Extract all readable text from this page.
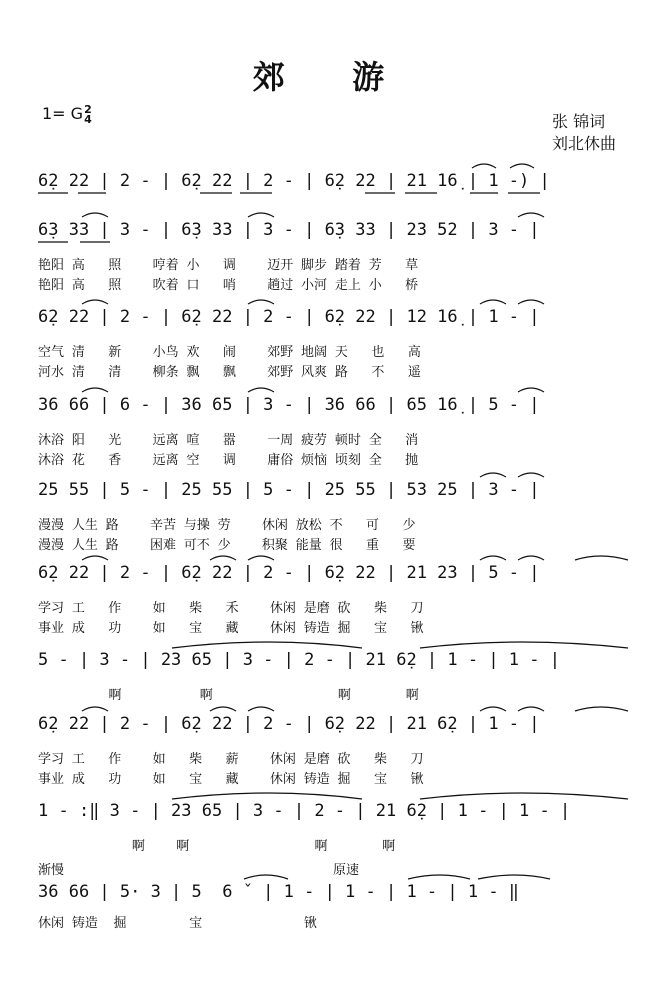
郊 游
1= G 2
4	张 锦词
刘北休曲
6̣2 22 | 2 - | 6̣2 22 | 2 - | 6̣2 22 | 21 16̣ | 1 -) |
6̣3 33 | 3 - | 6̣3 33 | 3 - | 6̣3 33 | 23 52 | 3 - |
艳阳 高   照    哼着 小   调    迈开 脚步 踏着 芳   草
艳阳 高   照    吹着 口   哨    趟过 小河 走上 小   桥
6̣2 22 | 2 - | 6̣2 22 | 2 - | 6̣2 22 | 12 16̣ | 1 - |
空气 清   新    小鸟 欢   闹    郊野 地阔 天   也   高
河水 清   清    柳条 飘   飘    郊野 风爽 路   不   遥
36 66 | 6 - | 36 65 | 3 - | 36 66 | 65 16̣ | 5 - |
沐浴 阳   光    远离 喧   嚣    一周 疲劳 顿时 全   消
沐浴 花   香    远离 空   调    庸俗 烦恼 顷刻 全   抛
25 55 | 5 - | 25 55 | 5 - | 25 55 | 53 25 | 3 - |
漫漫 人生 路    辛苦 与操 劳    休闲 放松 不   可   少
漫漫 人生 路    困难 可不 少    积聚 能量 很   重   要
6̣2 22 | 2 - | 6̣2 22 | 2 - | 6̣2 22 | 21 23 | 5 - |
学习 工   作    如   柴   禾    休闲 是磨 砍   柴   刀
事业 成   功    如   宝   藏    休闲 铸造 掘   宝   锹
5 - | 3 - | 23 65 | 3 - | 2 - | 21 6̣2 | 1 - | 1 - |
啊          啊                啊       啊
6̣2 22 | 2 - | 6̣2 22 | 2 - | 6̣2 22 | 21 6̣2 | 1 - |
学习 工   作    如   柴   薪    休闲 是磨 砍   柴   刀
事业 成   功    如   宝   藏    休闲 铸造 掘   宝   锹
1 - :‖ 3 - | 23 65 | 3 - | 2 - | 21 6̣2 | 1 - | 1 - |
啊    啊                啊       啊
渐慢	原速
36 66 | 5· 3 | 5  6 ˇ | 1 - | 1 - | 1 - | 1 - ‖
休闲 铸造  掘        宝             锹
